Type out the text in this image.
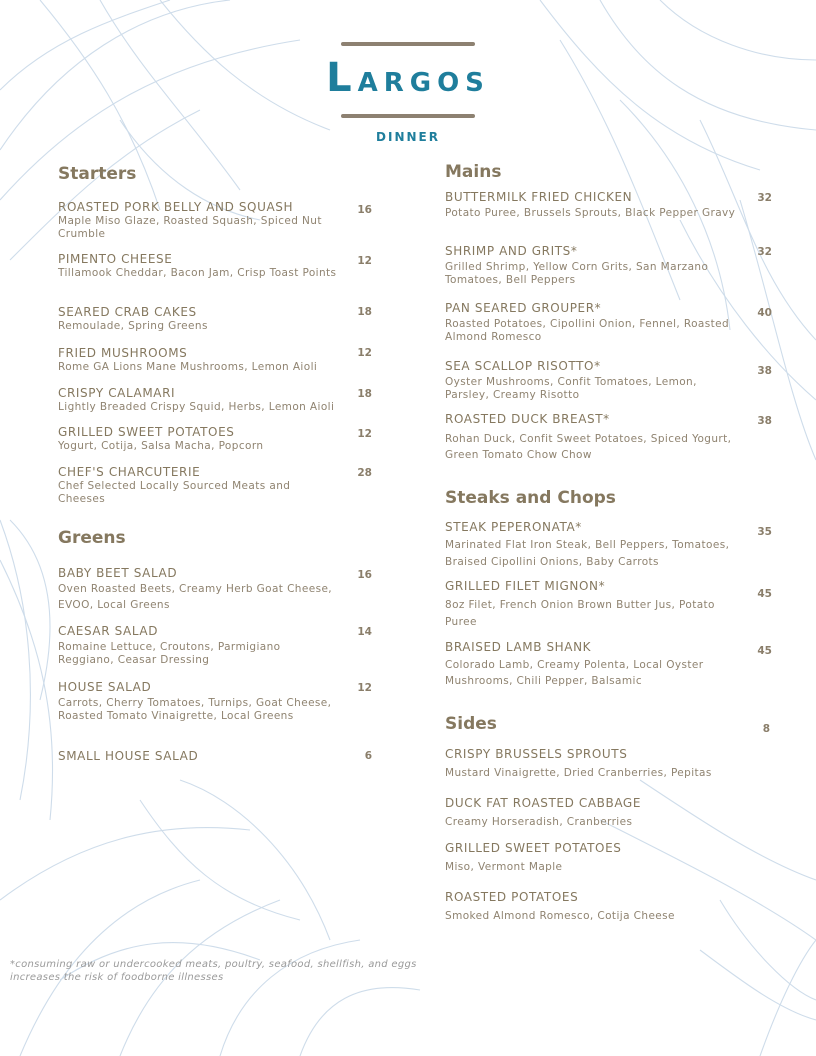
LARGOS
DINNER
Starters
ROASTED PORK BELLY AND SQUASH
Maple Miso Glaze, Roasted Squash, Spiced Nut Crumble
16
PIMENTO CHEESE
Tillamook Cheddar, Bacon Jam, Crisp Toast Points
12
SEARED CRAB CAKES
Remoulade, Spring Greens
18
FRIED MUSHROOMS
Rome GA Lions Mane Mushrooms, Lemon Aioli
12
CRISPY CALAMARI
Lightly Breaded Crispy Squid, Herbs, Lemon Aioli
18
GRILLED SWEET POTATOES
Yogurt, Cotija, Salsa Macha, Popcorn
12
CHEF'S CHARCUTERIE
Chef Selected Locally Sourced Meats and Cheeses
28
Greens
BABY BEET SALAD
Oven Roasted Beets, Creamy Herb Goat Cheese, EVOO, Local Greens
16
CAESAR SALAD
Romaine Lettuce, Croutons, Parmigiano Reggiano, Ceasar Dressing
14
HOUSE SALAD
Carrots, Cherry Tomatoes, Turnips, Goat Cheese, Roasted Tomato Vinaigrette, Local Greens
12
SMALL HOUSE SALAD	6
Mains
BUTTERMILK FRIED CHICKEN
Potato Puree, Brussels Sprouts, Black Pepper Gravy
32
SHRIMP AND GRITS*
Grilled Shrimp, Yellow Corn Grits, San Marzano Tomatoes, Bell Peppers
32
PAN SEARED GROUPER*
Roasted Potatoes, Cipollini Onion, Fennel, Roasted Almond Romesco
40
SEA SCALLOP RISOTTO*
Oyster Mushrooms, Confit Tomatoes, Lemon, Parsley, Creamy Risotto
38
ROASTED DUCK BREAST*
Rohan Duck, Confit Sweet Potatoes, Spiced Yogurt, Green Tomato Chow Chow
38
Steaks and Chops
STEAK PEPERONATA*
Marinated Flat Iron Steak, Bell Peppers, Tomatoes, Braised Cipollini Onions, Baby Carrots
35
GRILLED FILET MIGNON*
8oz Filet, French Onion Brown Butter Jus, Potato Puree
45
BRAISED LAMB SHANK
Colorado Lamb, Creamy Polenta, Local Oyster Mushrooms, Chili Pepper, Balsamic
45
Sides	8
CRISPY BRUSSELS SPROUTS
Mustard Vinaigrette, Dried Cranberries, Pepitas
DUCK FAT ROASTED CABBAGE
Creamy Horseradish, Cranberries
GRILLED SWEET POTATOES
Miso, Vermont Maple
ROASTED POTATOES
Smoked Almond Romesco, Cotija Cheese
*consuming raw or undercooked meats, poultry, seafood, shellfish, and eggs increases the risk of foodborne illnesses
